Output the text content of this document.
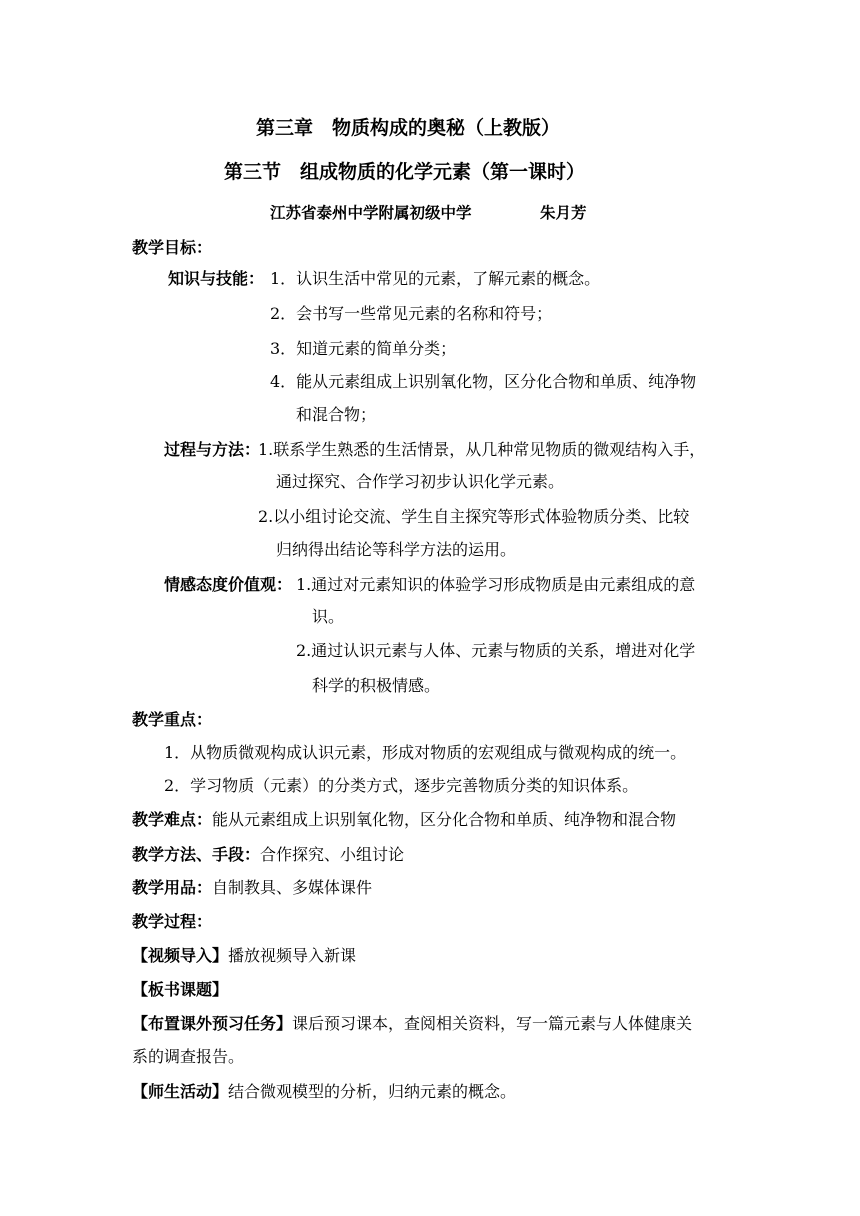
第三章　物质构成的奥秘（上教版）
第三节　组成物质的化学元素（第一课时）
江苏省泰州中学附属初级中学	朱月芳
教学目标：
知识与技能： 1．认识生活中常见的元素，了解元素的概念。
2．会书写一些常见元素的名称和符号；
3．知道元素的简单分类；
4．能从元素组成上识别氧化物，区分化合物和单质、纯净物
和混合物；
过程与方法：
1.联系学生熟悉的生活情景，从几种常见物质的微观结构入手，
通过探究、合作学习初步认识化学元素。
2.以小组讨论交流、学生自主探究等形式体验物质分类、比较
归纳得出结论等科学方法的运用。
情感态度价值观： 1.通过对元素知识的体验学习形成物质是由元素组成的意
识。
2.通过认识元素与人体、元素与物质的关系，增进对化学
科学的积极情感。
教学重点：
1．从物质微观构成认识元素，形成对物质的宏观组成与微观构成的统一。
2．学习物质（元素）的分类方式，逐步完善物质分类的知识体系。
教学难点：能从元素组成上识别氧化物，区分化合物和单质、纯净物和混合物
教学方法、手段：合作探究、小组讨论
教学用品：自制教具、多媒体课件
教学过程：
【视频导入】播放视频导入新课
【板书课题】
【布置课外预习任务】课后预习课本，查阅相关资料，写一篇元素与人体健康关
系的调查报告。
【师生活动】结合微观模型的分析，归纳元素的概念。
